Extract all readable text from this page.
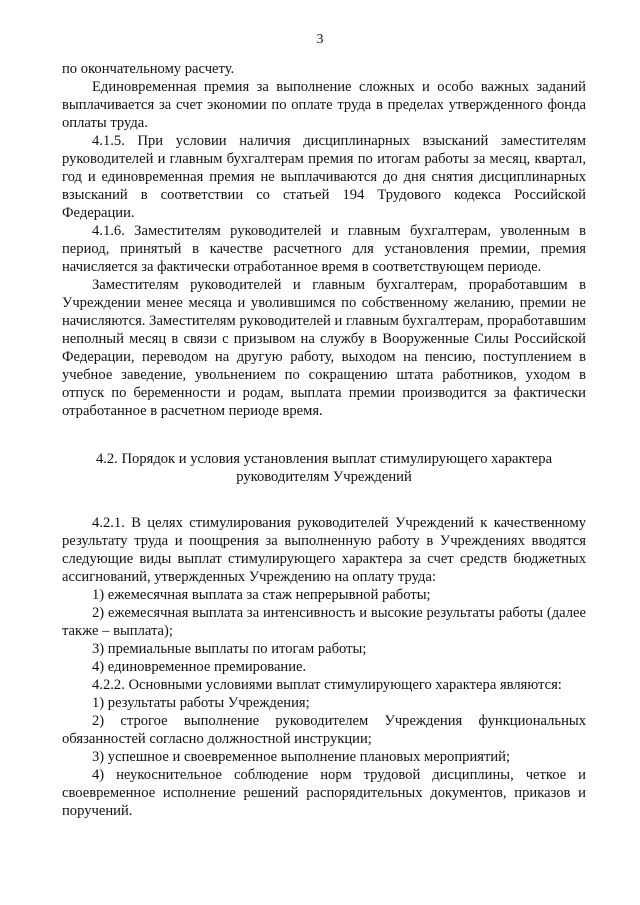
3

по окончательному расчету.

Единовременная премия за выполнение сложных и особо важных заданий выплачивается за счет экономии по оплате труда в пределах утвержденного фонда оплаты труда.

4.1.5. При условии наличия дисциплинарных взысканий заместителям руководителей и главным бухгалтерам премия по итогам работы за месяц, квартал, год и единовременная премия не выплачиваются до дня снятия дисциплинарных взысканий в соответствии со статьей 194 Трудового кодекса Российской Федерации.

4.1.6. Заместителям руководителей и главным бухгалтерам, уволенным в период, принятый в качестве расчетного для установления премии, премия начисляется за фактически отработанное время в соответствующем периоде.

Заместителям руководителей и главным бухгалтерам, проработавшим в Учреждении менее месяца и уволившимся по собственному желанию, премии не начисляются. Заместителям руководителей и главным бухгалтерам, проработавшим неполный месяц в связи с призывом на службу в Вооруженные Силы Российской Федерации, переводом на другую работу, выходом на пенсию, поступлением в учебное заведение, увольнением по сокращению штата работников, уходом в отпуск по беременности и родам, выплата премии производится за фактически отработанное в расчетном периоде время.

4.2. Порядок и условия установления выплат стимулирующего характера
руководителям Учреждений

4.2.1. В целях стимулирования руководителей Учреждений к качественному результату труда и поощрения за выполненную работу в Учреждениях вводятся следующие виды выплат стимулирующего характера за счет средств бюджетных ассигнований, утвержденных Учреждению на оплату труда:

1) ежемесячная выплата за стаж непрерывной работы;

2) ежемесячная выплата за интенсивность и высокие результаты работы (далее также – выплата);

3) премиальные выплаты по итогам работы;

4) единовременное премирование.

4.2.2. Основными условиями выплат стимулирующего характера являются:

1) результаты работы Учреждения;

2) строгое выполнение руководителем Учреждения функциональных обязанностей согласно должностной инструкции;

3) успешное и своевременное выполнение плановых мероприятий;

4) неукоснительное соблюдение норм трудовой дисциплины, четкое и своевременное исполнение решений распорядительных документов, приказов и поручений.
